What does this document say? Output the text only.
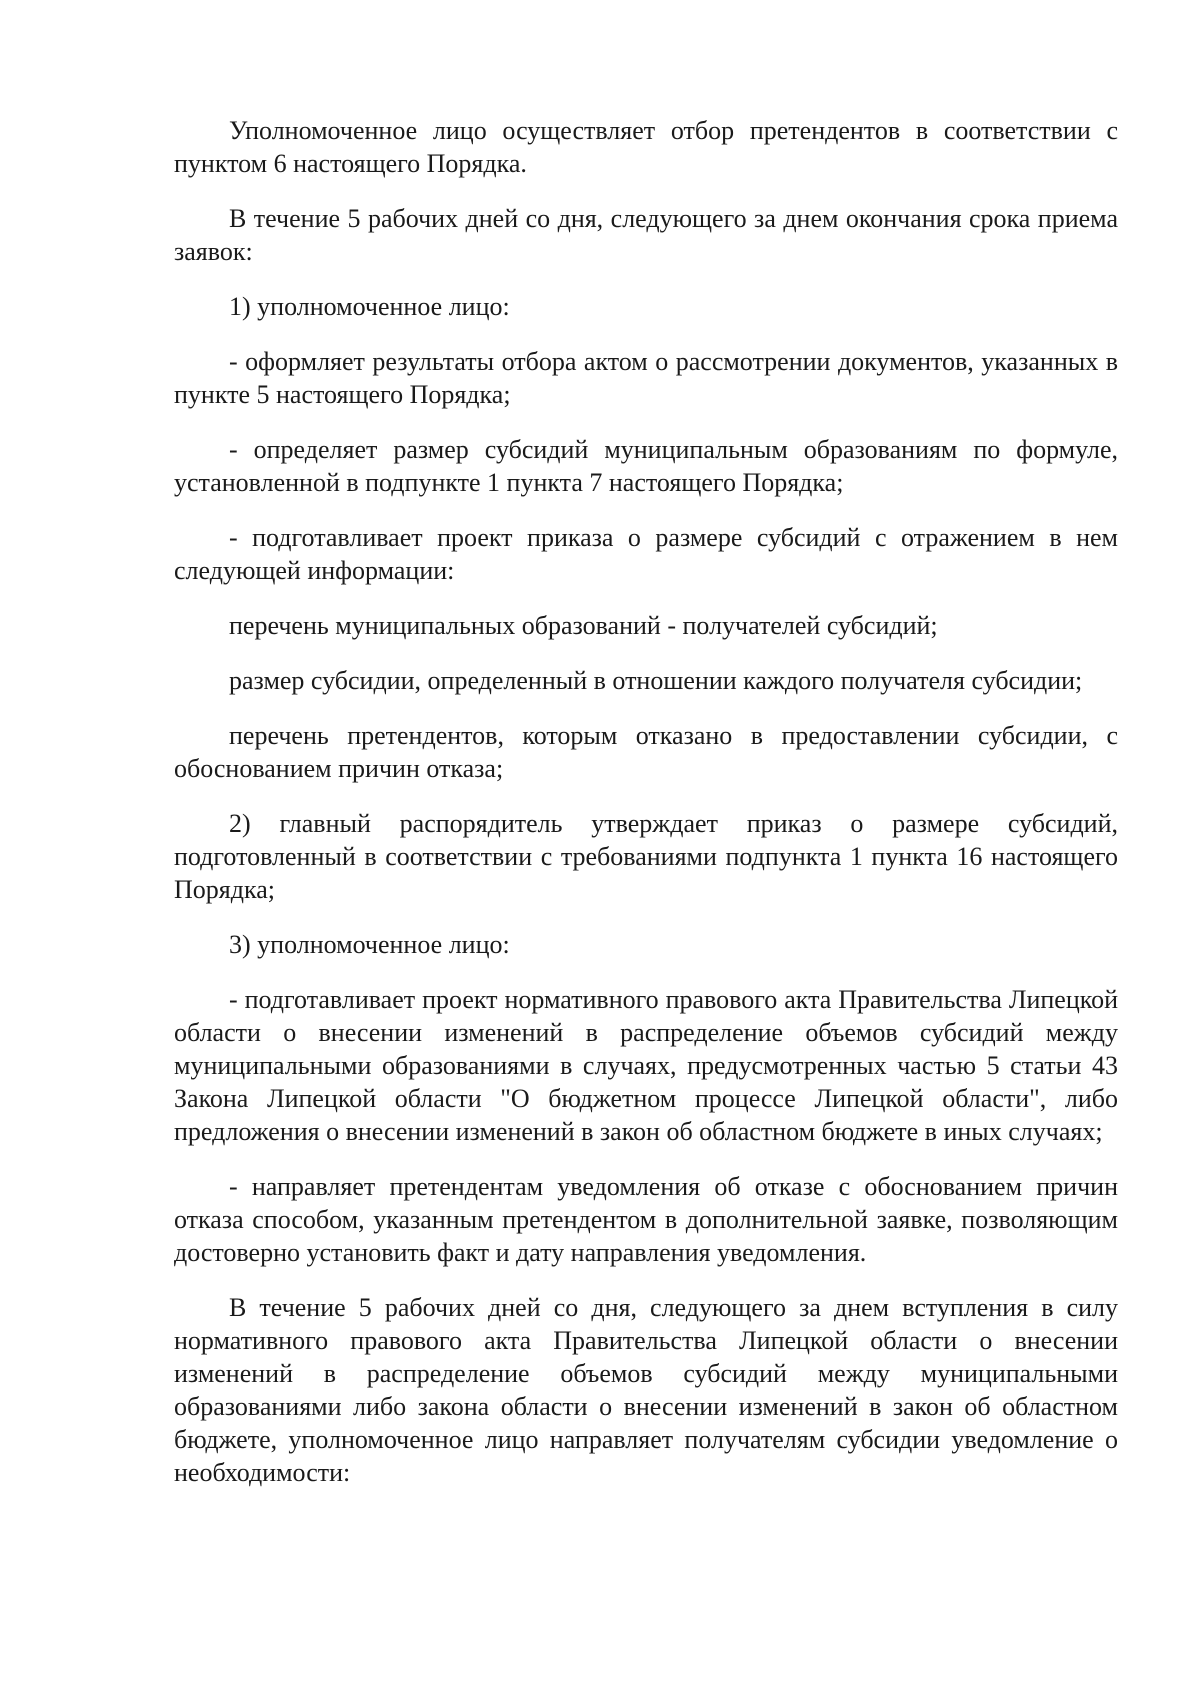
Уполномоченное лицо осуществляет отбор претендентов в соответствии с пунктом 6 настоящего Порядка.

В течение 5 рабочих дней со дня, следующего за днем окончания срока приема заявок:

1) уполномоченное лицо:

- оформляет результаты отбора актом о рассмотрении документов, указанных в пункте 5 настоящего Порядка;

- определяет размер субсидий муниципальным образованиям по формуле, установленной в подпункте 1 пункта 7 настоящего Порядка;

- подготавливает проект приказа о размере субсидий с отражением в нем следующей информации:

перечень муниципальных образований - получателей субсидий;

размер субсидии, определенный в отношении каждого получателя субсидии;

перечень претендентов, которым отказано в предоставлении субсидии, с обоснованием причин отказа;

2) главный распорядитель утверждает приказ о размере субсидий, подготовленный в соответствии с требованиями подпункта 1 пункта 16 настоящего Порядка;

3) уполномоченное лицо:

- подготавливает проект нормативного правового акта Правительства Липецкой области о внесении изменений в распределение объемов субсидий между муниципальными образованиями в случаях, предусмотренных частью 5 статьи 43 Закона Липецкой области "О бюджетном процессе Липецкой области", либо предложения о внесении изменений в закон об областном бюджете в иных случаях;

- направляет претендентам уведомления об отказе с обоснованием причин отказа способом, указанным претендентом в дополнительной заявке, позволяющим достоверно установить факт и дату направления уведомления.

В течение 5 рабочих дней со дня, следующего за днем вступления в силу нормативного правового акта Правительства Липецкой области о внесении изменений в распределение объемов субсидий между муниципальными образованиями либо закона области о внесении изменений в закон об областном бюджете, уполномоченное лицо направляет получателям субсидии уведомление о необходимости:
